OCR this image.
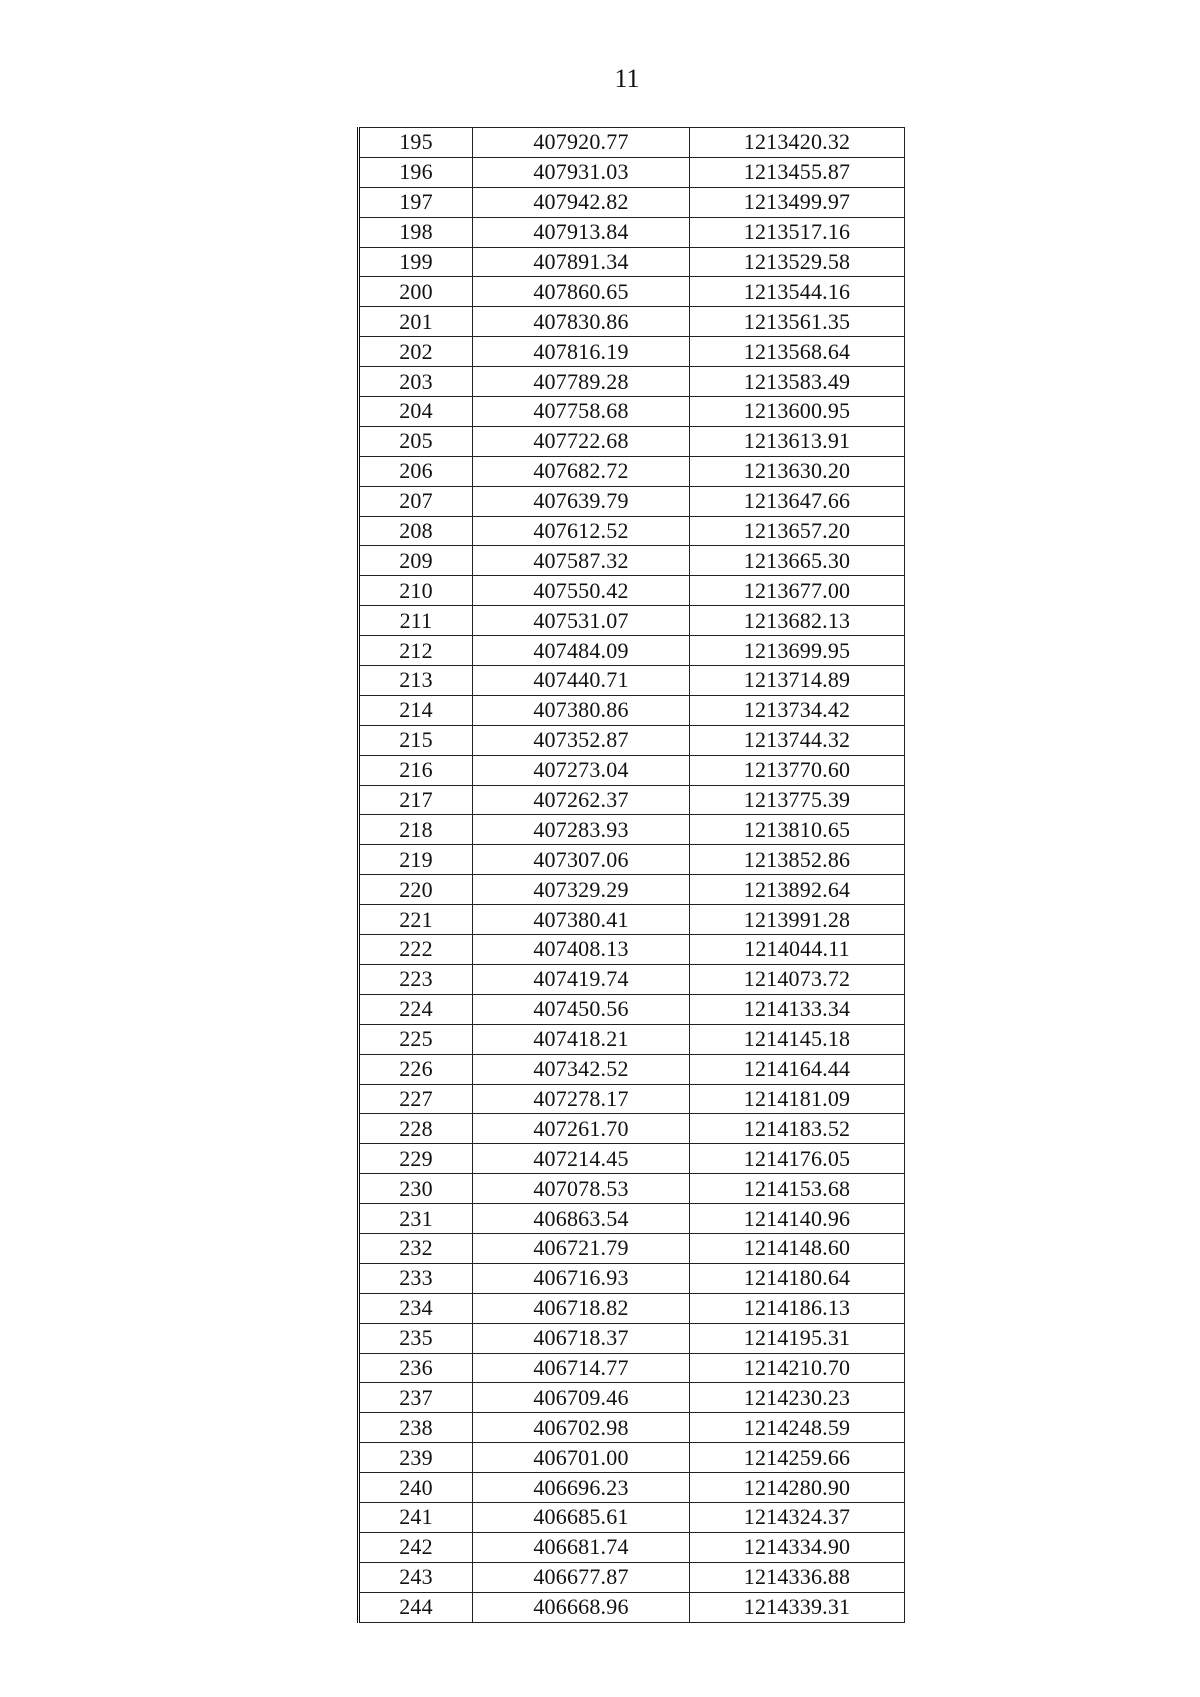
11
195	407920.77	1213420.32
196	407931.03	1213455.87
197	407942.82	1213499.97
198	407913.84	1213517.16
199	407891.34	1213529.58
200	407860.65	1213544.16
201	407830.86	1213561.35
202	407816.19	1213568.64
203	407789.28	1213583.49
204	407758.68	1213600.95
205	407722.68	1213613.91
206	407682.72	1213630.20
207	407639.79	1213647.66
208	407612.52	1213657.20
209	407587.32	1213665.30
210	407550.42	1213677.00
211	407531.07	1213682.13
212	407484.09	1213699.95
213	407440.71	1213714.89
214	407380.86	1213734.42
215	407352.87	1213744.32
216	407273.04	1213770.60
217	407262.37	1213775.39
218	407283.93	1213810.65
219	407307.06	1213852.86
220	407329.29	1213892.64
221	407380.41	1213991.28
222	407408.13	1214044.11
223	407419.74	1214073.72
224	407450.56	1214133.34
225	407418.21	1214145.18
226	407342.52	1214164.44
227	407278.17	1214181.09
228	407261.70	1214183.52
229	407214.45	1214176.05
230	407078.53	1214153.68
231	406863.54	1214140.96
232	406721.79	1214148.60
233	406716.93	1214180.64
234	406718.82	1214186.13
235	406718.37	1214195.31
236	406714.77	1214210.70
237	406709.46	1214230.23
238	406702.98	1214248.59
239	406701.00	1214259.66
240	406696.23	1214280.90
241	406685.61	1214324.37
242	406681.74	1214334.90
243	406677.87	1214336.88
244	406668.96	1214339.31
